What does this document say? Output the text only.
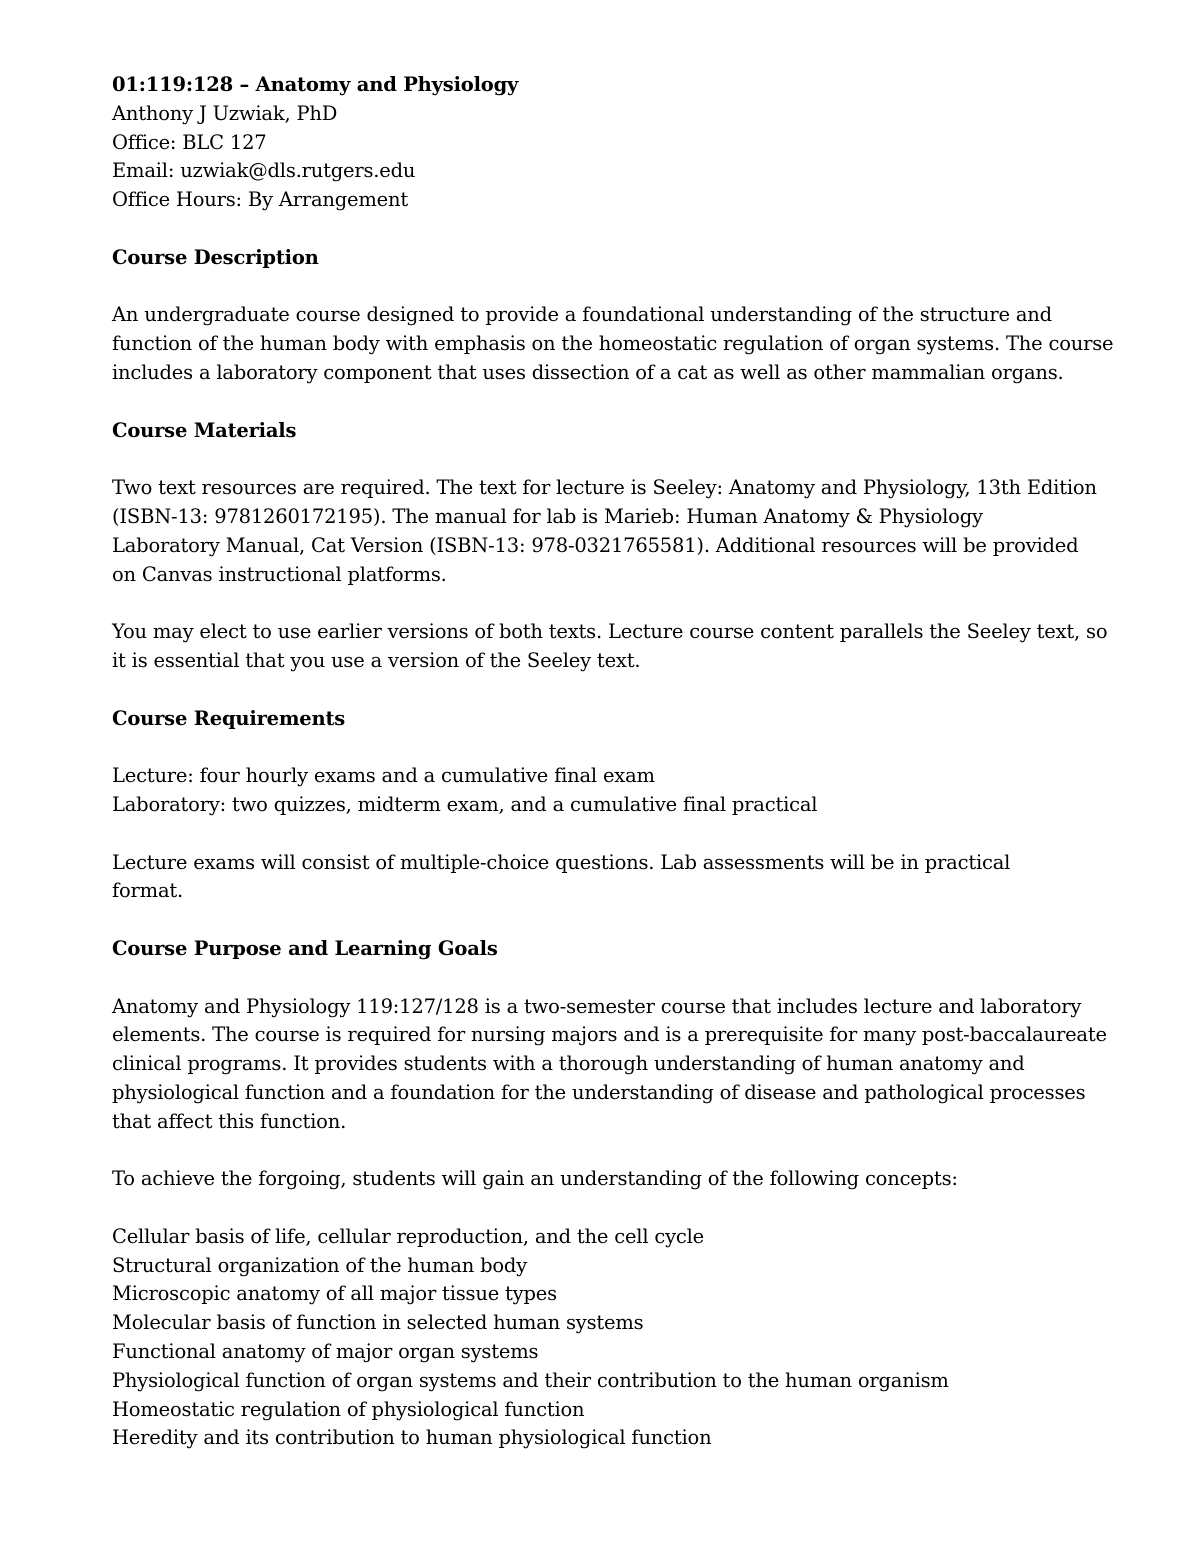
01:119:128 – Anatomy and Physiology
Anthony J Uzwiak, PhD
Office: BLC 127
Email: uzwiak@dls.rutgers.edu
Office Hours: By Arrangement
Course Description

An undergraduate course designed to provide a foundational understanding of the structure and
function of the human body with emphasis on the homeostatic regulation of organ systems. The course
includes a laboratory component that uses dissection of a cat as well as other mammalian organs.

Course Materials

Two text resources are required. The text for lecture is Seeley: Anatomy and Physiology, 13th Edition
(ISBN-13: 9781260172195). The manual for lab is Marieb: Human Anatomy & Physiology
Laboratory Manual, Cat Version (ISBN-13: 978-0321765581). Additional resources will be provided
on Canvas instructional platforms.

You may elect to use earlier versions of both texts. Lecture course content parallels the Seeley text, so
it is essential that you use a version of the Seeley text.

Course Requirements

Lecture: four hourly exams and a cumulative final exam
Laboratory: two quizzes, midterm exam, and a cumulative final practical

Lecture exams will consist of multiple-choice questions. Lab assessments will be in practical
format.

Course Purpose and Learning Goals

Anatomy and Physiology 119:127/128 is a two-semester course that includes lecture and laboratory
elements. The course is required for nursing majors and is a prerequisite for many post-baccalaureate
clinical programs. It provides students with a thorough understanding of human anatomy and
physiological function and a foundation for the understanding of disease and pathological processes
that affect this function.

To achieve the forgoing, students will gain an understanding of the following concepts:
Cellular basis of life, cellular reproduction, and the cell cycle
Structural organization of the human body
Microscopic anatomy of all major tissue types
Molecular basis of function in selected human systems
Functional anatomy of major organ systems
Physiological function of organ systems and their contribution to the human organism
Homeostatic regulation of physiological function
Heredity and its contribution to human physiological function
